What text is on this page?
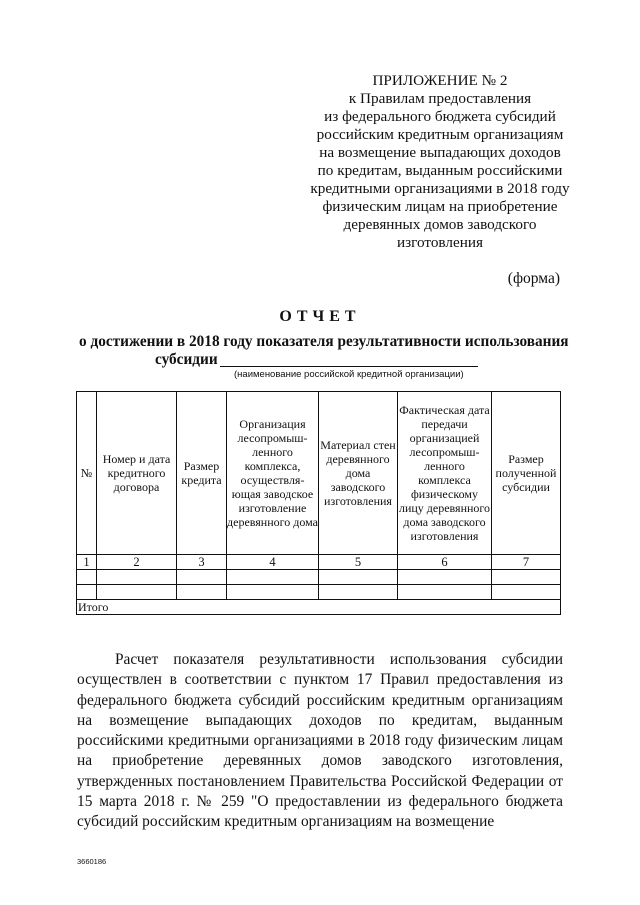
ПРИЛОЖЕНИЕ № 2
к Правилам предоставления
из федерального бюджета субсидий
российским кредитным организациям
на возмещение выпадающих доходов
по кредитам, выданным российскими
кредитными организациями в 2018 году
физическим лицам на приобретение
деревянных домов заводского
изготовления
(форма)
ОТЧЕТ
о достижении в 2018 году показателя результативности использования
субсидии
(наименование российской кредитной организации)
№	Номер и дата кредитного договора	Размер кредита	Организация лесопромыш-ленного комплекса, осуществля-ющая заводское изготовление деревянного дома	Материал стен деревянного дома заводского изготовления	Фактическая дата передачи организацией лесопромыш-ленного комплекса физическому лицу деревянного дома заводского изготовления	Размер полученной субсидии
1	2	3	4	5	6	7

Итого						

Расчет показателя результативности использования субсидии осуществлен в соответствии с пунктом 17 Правил предоставления из федерального бюджета субсидий российским кредитным организациям на возмещение выпадающих доходов по кредитам, выданным российскими кредитными организациями в 2018 году физическим лицам на приобретение деревянных домов заводского изготовления, утвержденных постановлением Правительства Российской Федерации от 15 марта 2018 г. № 259 "О предоставлении из федерального бюджета субсидий российским кредитным организациям на возмещение

3660186
